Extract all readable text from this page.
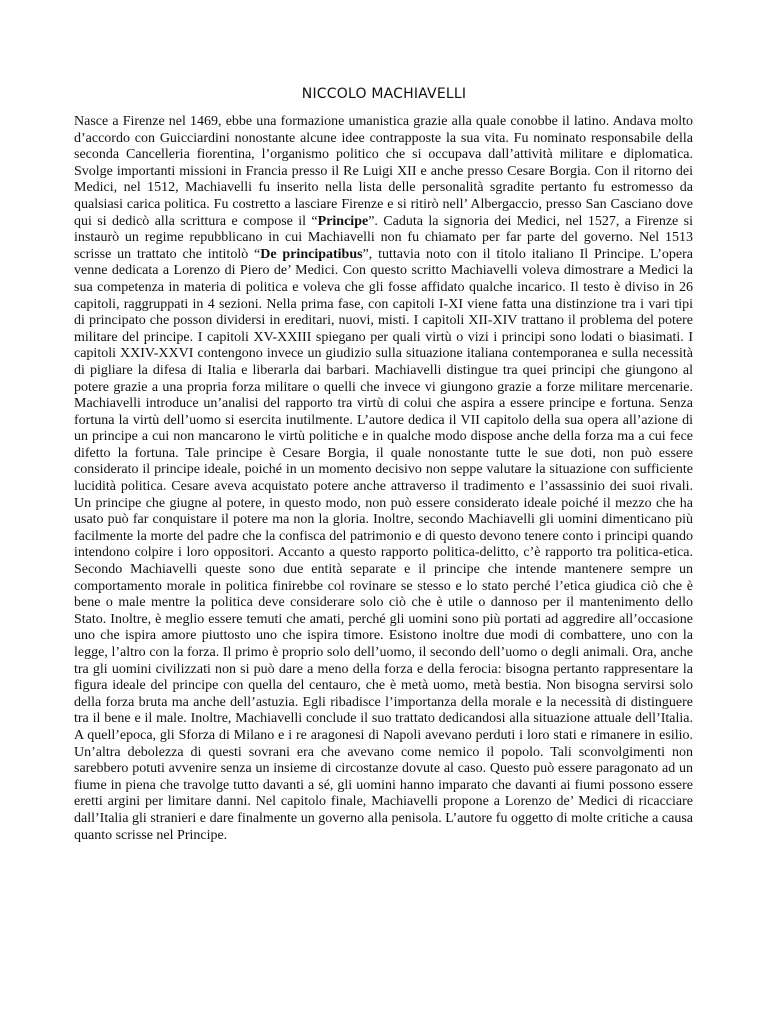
NICCOLO MACHIAVELLI

Nasce a Firenze nel 1469, ebbe una formazione umanistica grazie alla quale conobbe il latino. Andava molto d’accordo con Guicciardini nonostante alcune idee contrapposte la sua vita. Fu nominato responsabile della seconda Cancelleria fiorentina, l’organismo politico che si occupava dall’attività militare e diplomatica. Svolge importanti missioni in Francia presso il Re Luigi XII e anche presso Cesare Borgia. Con il ritorno dei Medici, nel 1512, Machiavelli fu inserito nella lista delle personalità sgradite pertanto fu estromesso da qualsiasi carica politica. Fu costretto a lasciare Firenze e si ritirò nell’ Albergaccio, presso San Casciano dove qui si dedicò alla scrittura e compose il “Principe”. Caduta la signoria dei Medici, nel 1527, a Firenze si instaurò un regime repubblicano in cui Machiavelli non fu chiamato per far parte del governo. Nel 1513 scrisse un trattato che intitolò “De principatibus”, tuttavia noto con il titolo italiano Il Principe. L’opera venne dedicata a Lorenzo di Piero de’ Medici. Con questo scritto Machiavelli voleva dimostrare a Medici la sua competenza in materia di politica e voleva che gli fosse affidato qualche incarico. Il testo è diviso in 26 capitoli, raggruppati in 4 sezioni. Nella prima fase, con capitoli I-XI viene fatta una distinzione tra i vari tipi di principato che posson dividersi in ereditari, nuovi, misti. I capitoli XII-XIV trattano il problema del potere militare del principe. I capitoli XV-XXIII spiegano per quali virtù o vizi i principi sono lodati o biasimati. I capitoli XXIV-XXVI contengono invece un giudizio sulla situazione italiana contemporanea e sulla necessità di pigliare la difesa di Italia e liberarla dai barbari. Machiavelli distingue tra quei principi che giungono al potere grazie a una propria forza militare o quelli che invece vi giungono grazie a forze militare mercenarie. Machiavelli introduce un’analisi del rapporto tra virtù di colui che aspira a essere principe e fortuna. Senza fortuna la virtù dell’uomo si esercita inutilmente. L’autore dedica il VII capitolo della sua opera all’azione di un principe a cui non mancarono le virtù politiche e in qualche modo dispose anche della forza ma a cui fece difetto la fortuna. Tale principe è Cesare Borgia, il quale nonostante tutte le sue doti, non può essere considerato il principe ideale, poiché in un momento decisivo non seppe valutare la situazione con sufficiente lucidità politica. Cesare aveva acquistato potere anche attraverso il tradimento e l’assassinio dei suoi rivali. Un principe che giugne al potere, in questo modo, non può essere considerato ideale poiché il mezzo che ha usato può far conquistare il potere ma non la gloria. Inoltre, secondo Machiavelli gli uomini dimenticano più facilmente la morte del padre che la confisca del patrimonio e di questo devono tenere conto i principi quando intendono colpire i loro oppositori. Accanto a questo rapporto politica-delitto, c’è rapporto tra politica-etica. Secondo Machiavelli queste sono due entità separate e il principe che intende mantenere sempre un comportamento morale in politica finirebbe col rovinare se stesso e lo stato perché l’etica giudica ciò che è bene o male mentre la politica deve considerare solo ciò che è utile o dannoso per il mantenimento dello Stato. Inoltre, è meglio essere temuti che amati, perché gli uomini sono più portati ad aggredire all’occasione uno che ispira amore piuttosto uno che ispira timore. Esistono inoltre due modi di combattere, uno con la legge, l’altro con la forza. Il primo è proprio solo dell’uomo, il secondo dell’uomo o degli animali. Ora, anche tra gli uomini civilizzati non si può dare a meno della forza e della ferocia: bisogna pertanto rappresentare la figura ideale del principe con quella del centauro, che è metà uomo, metà bestia. Non bisogna servirsi solo della forza bruta ma anche dell’astuzia. Egli ribadisce l’importanza della morale e la necessità di distinguere tra il bene e il male. Inoltre, Machiavelli conclude il suo trattato dedicandosi alla situazione attuale dell’Italia. A quell’epoca, gli Sforza di Milano e i re aragonesi di Napoli avevano perduti i loro stati e rimanere in esilio. Un’altra debolezza di questi sovrani era che avevano come nemico il popolo. Tali sconvolgimenti non sarebbero potuti avvenire senza un insieme di circostanze dovute al caso. Questo può essere paragonato ad un fiume in piena che travolge tutto davanti a sé, gli uomini hanno imparato che davanti ai fiumi possono essere eretti argini per limitare danni. Nel capitolo finale, Machiavelli propone a Lorenzo de’ Medici di ricacciare dall’Italia gli stranieri e dare finalmente un governo alla penisola. L’autore fu oggetto di molte critiche a causa quanto scrisse nel Principe.
